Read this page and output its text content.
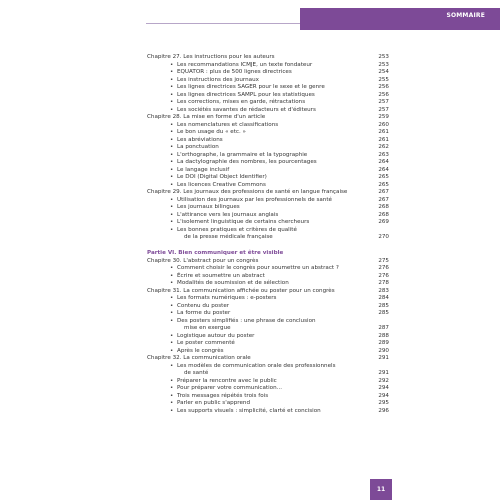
SOMMAIRE
Chapitre 27. Les instructions pour les auteurs	253
• Les recommandations ICMJE, un texte fondateur	253
• EQUATOR : plus de 500 lignes directrices	254
• Les instructions des journaux	255
• Les lignes directrices SAGER pour le sexe et le genre	256
• Les lignes directrices SAMPL pour les statistiques	256
• Les corrections, mises en garde, rétractations	257
• Les sociétés savantes de rédacteurs et d'éditeurs	257
Chapitre 28. La mise en forme d'un article	259
• Les nomenclatures et classifications	260
• Le bon usage du « etc. »	261
• Les abréviations	261
• La ponctuation	262
• L'orthographe, la grammaire et la typographie	263
• La dactylographie des nombres, les pourcentages	264
• Le langage inclusif	264
• Le DOI (Digital Object Identifier)	265
• Les licences Creative Commons	265
Chapitre 29. Les journaux des professions de santé en langue française	267
• Utilisation des journaux par les professionnels de santé	267
• Les journaux bilingues	268
• L'attirance vers les journaux anglais	268
• L'isolement linguistique de certains chercheurs	269
• Les bonnes pratiques et critères de qualité
de la presse médicale française	270
Partie VI. Bien communiquer et être visible
Chapitre 30. L'abstract pour un congrès	275
• Comment choisir le congrès pour soumettre un abstract ?	276
• Écrire et soumettre un abstract	276
• Modalités de soumission et de sélection	278
Chapitre 31. La communication affichée ou poster pour un congrès	283
• Les formats numériques : e-posters	284
• Contenu du poster	285
• La forme du poster	285
• Des posters simplifiés : une phrase de conclusion
mise en exergue	287
• Logistique autour du poster	288
• Le poster commenté	289
• Après le congrès	290
Chapitre 32. La communication orale	291
• Les modèles de communication orale des professionnels
de santé	291
• Préparer la rencontre avec le public	292
• Pour préparer votre communication...	294
• Trois messages répétés trois fois	294
• Parler en public s'apprend	295
• Les supports visuels : simplicité, clarté et concision	296
11
